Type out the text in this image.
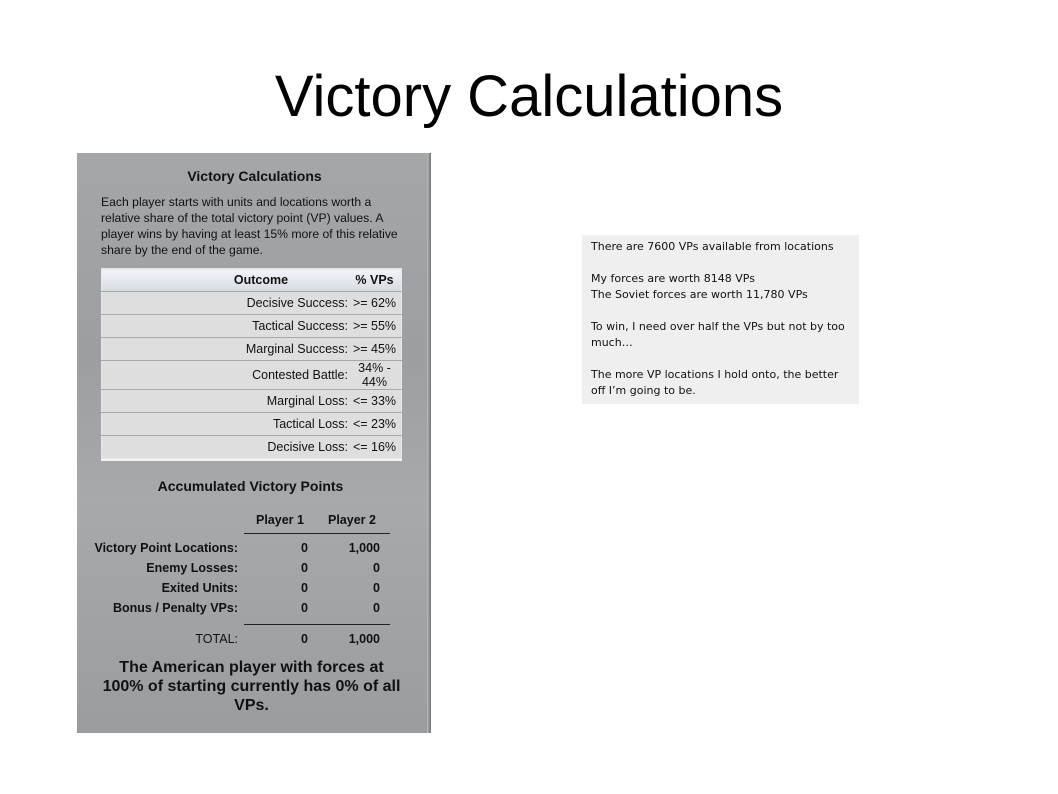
Victory Calculations
Victory Calculations
Each player starts with units and locations worth a relative share of the total victory point (VP) values. A player wins by having at least 15% more of this relative share by the end of the game.
Outcome	% VPs
Decisive Success:	>= 62%
Tactical Success:	>= 55%
Marginal Success:	>= 45%
Contested Battle:	34% - 44%
Marginal Loss:	<= 33%
Tactical Loss:	<= 23%
Decisive Loss:	<= 16%
Accumulated Victory Points
Player 1 Player 2
Victory Point Locations:	0	1,000
Enemy Losses:	0	0
Exited Units:	0	0
Bonus / Penalty VPs:	0	0
TOTAL:	0	1,000
The American player with forces at 100% of starting currently has 0% of all VPs.

There are 7600 VPs available from locations

My forces are worth 8148 VPs

The Soviet forces are worth 11,780 VPs

To win, I need over half the VPs but not by too much…

The more VP locations I hold onto, the better off I’m going to be.
